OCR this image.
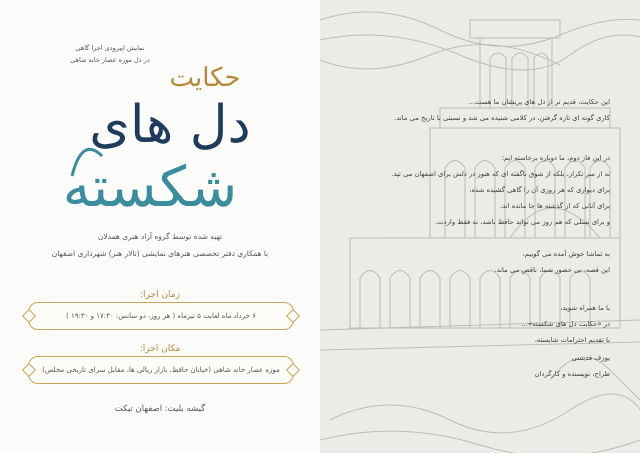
نمایش اپیزودی اجرا گاهی
در دل موزه عصار خانه شاهی
حکایت
دل های
شکسته
تهیه شده توسط گروه آزاد هنری همدلان
با همکاری دفتر تخصصی هنرهای نمایشی (تالار هنر) شهرداری اصفهان
زمان اجرا:
۶ خرداد ماه لغایت ۵ تیرماه ( هر روز، دو سانس: ۱۷:۳۰ و ۱۹:۳۰ )
مکان اجرا:
موزه عصار خانه شاهی (خیابان حافظ، بازار ریالی ها، مقابل سرای تاریخی مخلص)
گیشه بلیت: اصفهان تیکت

این حکایت، قدیم تر از دل های پریشان ما هست...

کاری گونه ای تازه گرفتن، در کلامی شنیده می شد و نسبتی با تاریخ می ماند.

در این فاز دوم، ما دوباره برخاسته ایم؛

نه از سر تکرار، بلکه از شوق ناگفته ای که هنوز در دلش برای اصفهان می تپد.

برای دیواری که هر روزی آن را گاهی گشیده شده،

برای آنانی که از گذشته ها جا مانده اند،

و برای نسلی که هم روز می تواند حافظ باشد، نه فقط واردت.

به تماشا خوش آمده می گوییم،

این قصه، بی حضور شما، ناقص می ماند.

با ما همراه شوید،

در «حکایت دل های شکسته»...

با تقدیم احترامات شایسته،

یوزف قدیسی

طراح، نویسنده و کارگردان
